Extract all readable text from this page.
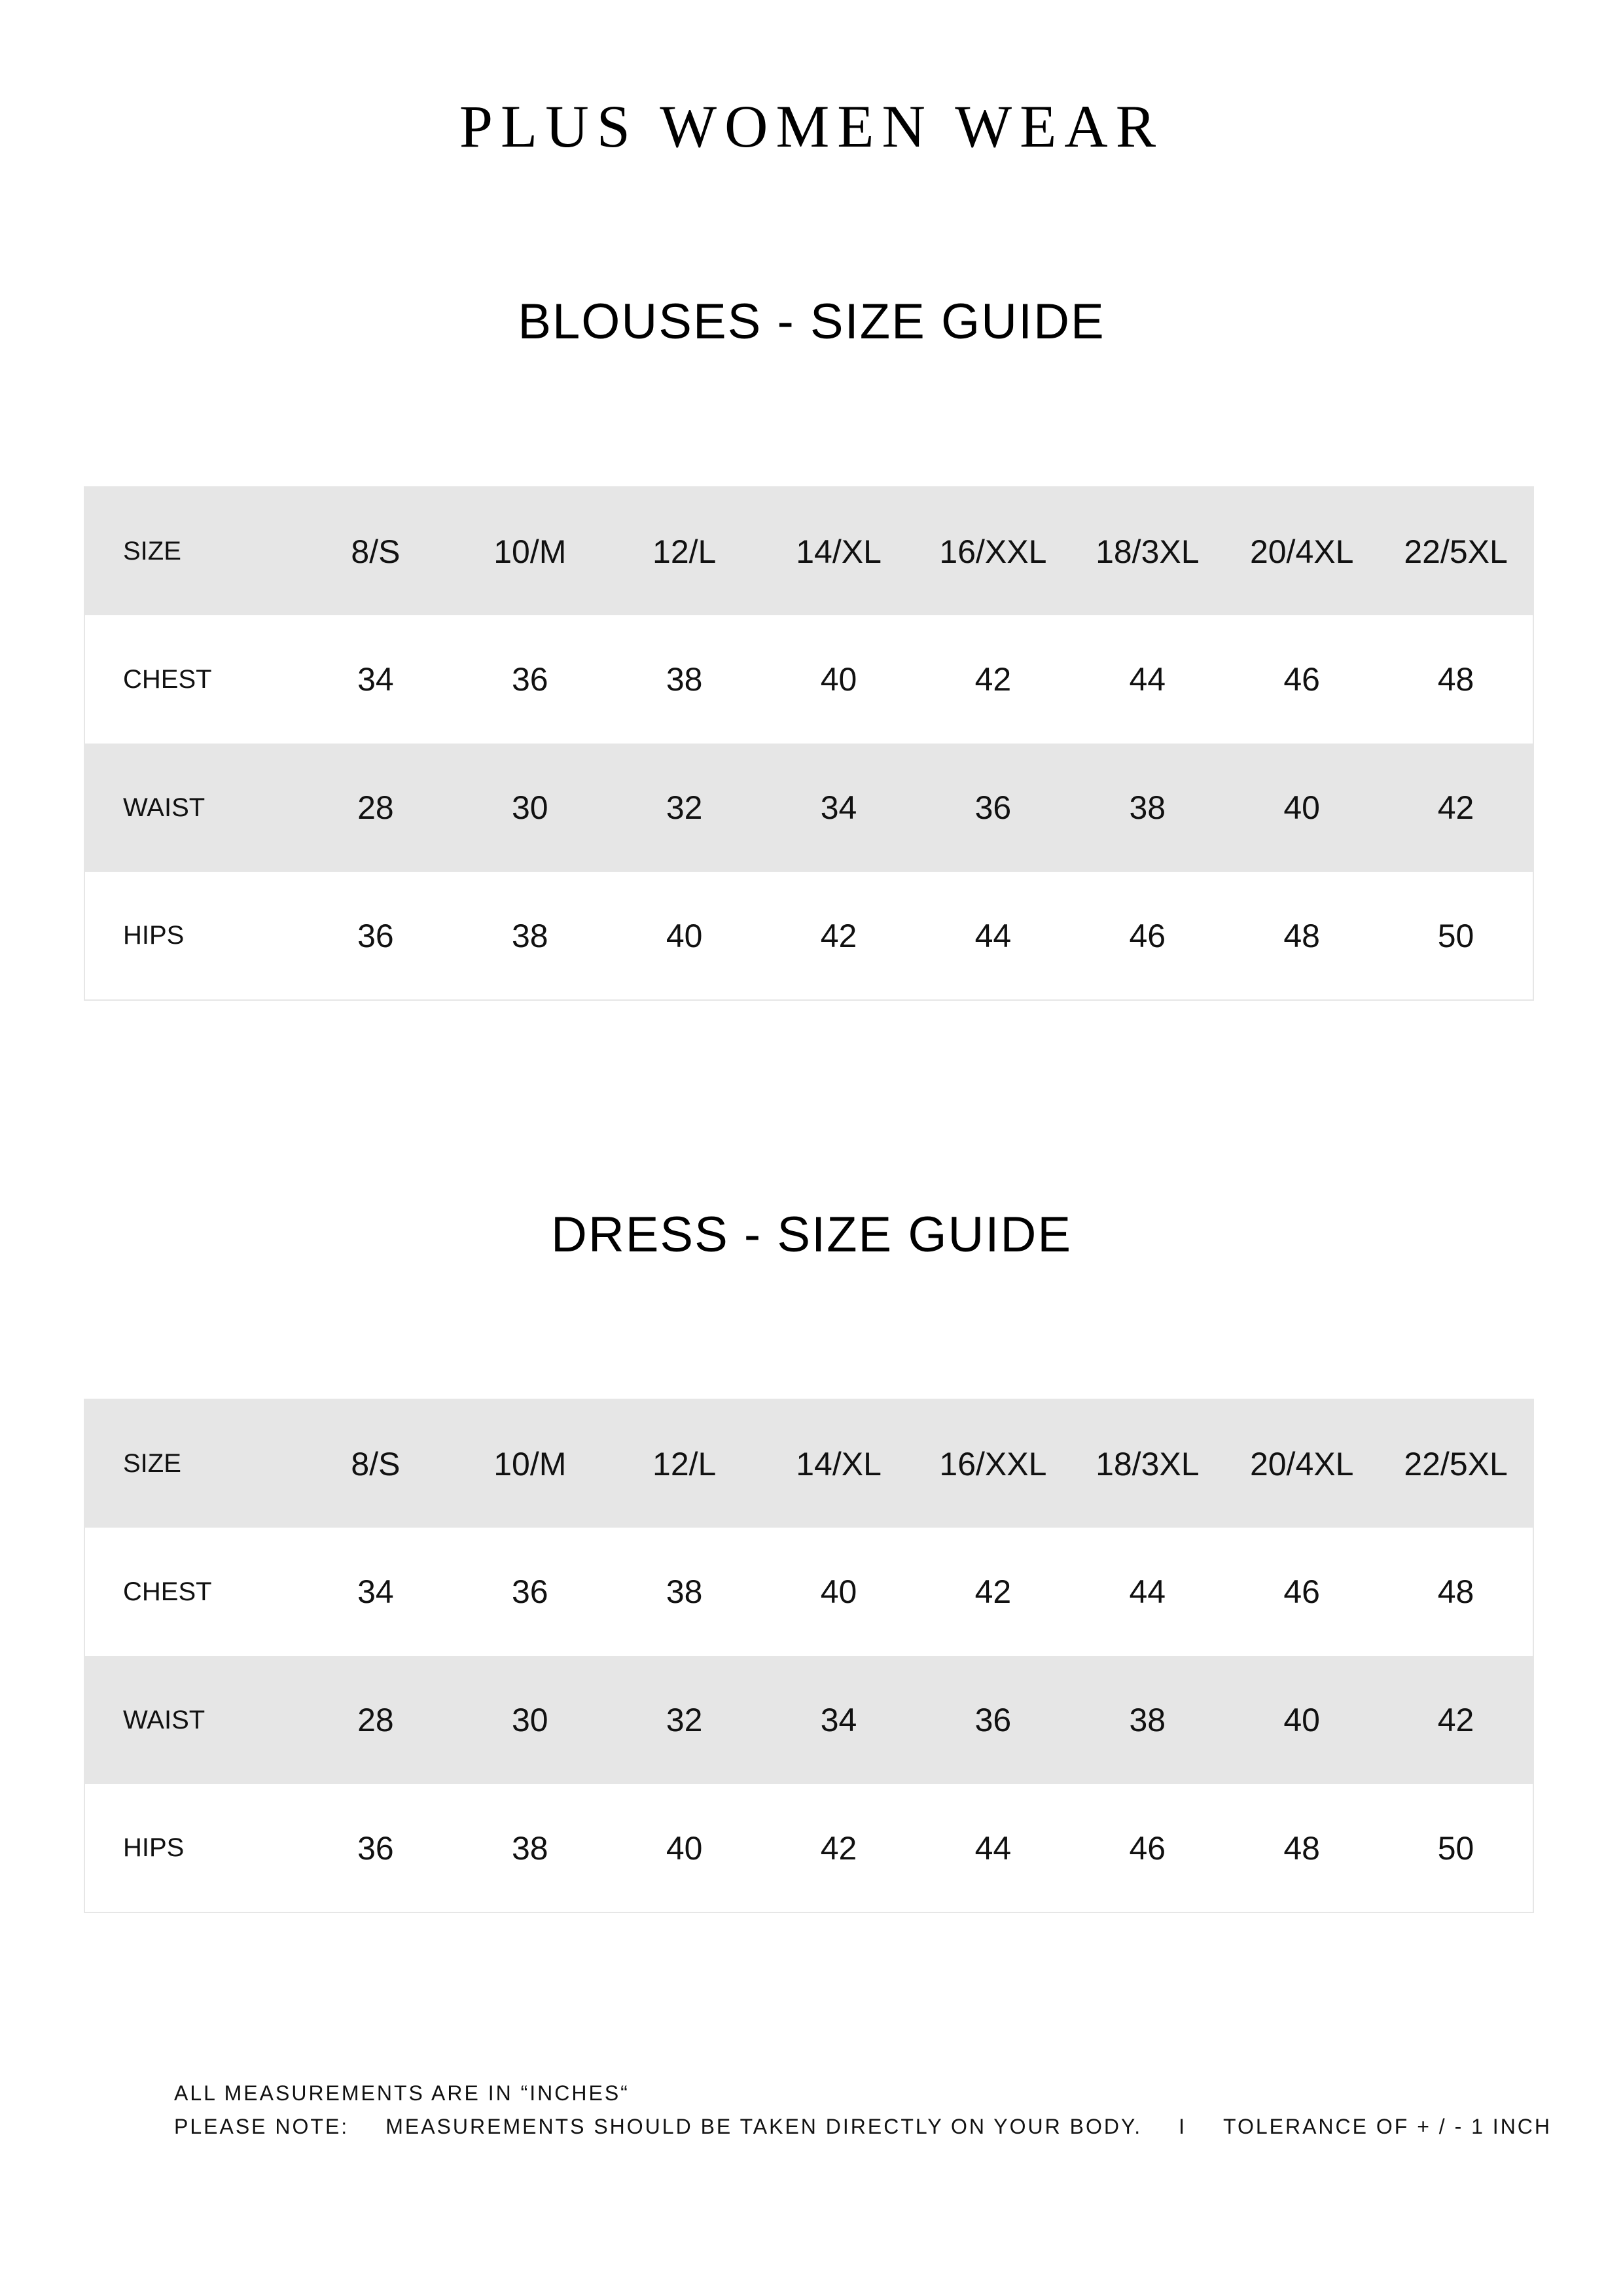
PLUS WOMEN WEAR
BLOUSES - SIZE GUIDE
SIZE	8/S	10/M	12/L	14/XL	16/XXL	18/3XL	20/4XL	22/5XL
CHEST	34	36	38	40	42	44	46	48
WAIST	28	30	32	34	36	38	40	42
HIPS	36	38	40	42	44	46	48	50
DRESS - SIZE GUIDE
SIZE	8/S	10/M	12/L	14/XL	16/XXL	18/3XL	20/4XL	22/5XL
CHEST	34	36	38	40	42	44	46	48
WAIST	28	30	32	34	36	38	40	42
HIPS	36	38	40	42	44	46	48	50
ALL MEASUREMENTS ARE IN “INCHES“
PLEASE NOTE: MEASUREMENTS SHOULD BE TAKEN DIRECTLY ON YOUR BODY. I TOLERANCE OF + / - 1 INCH
